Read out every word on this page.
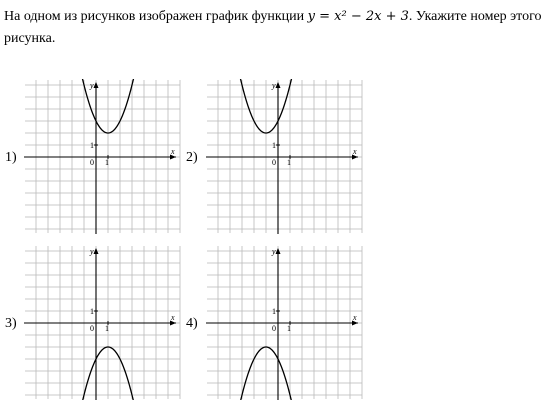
На одном из рисунков изображен график функции y = x² − 2x + 3. Укажите номер этого рисунка.

1)	2)
3)	4)
x
y
0 1
1
x
y
0 1
1
x
y
0 1
1
x
y
0 1
1
